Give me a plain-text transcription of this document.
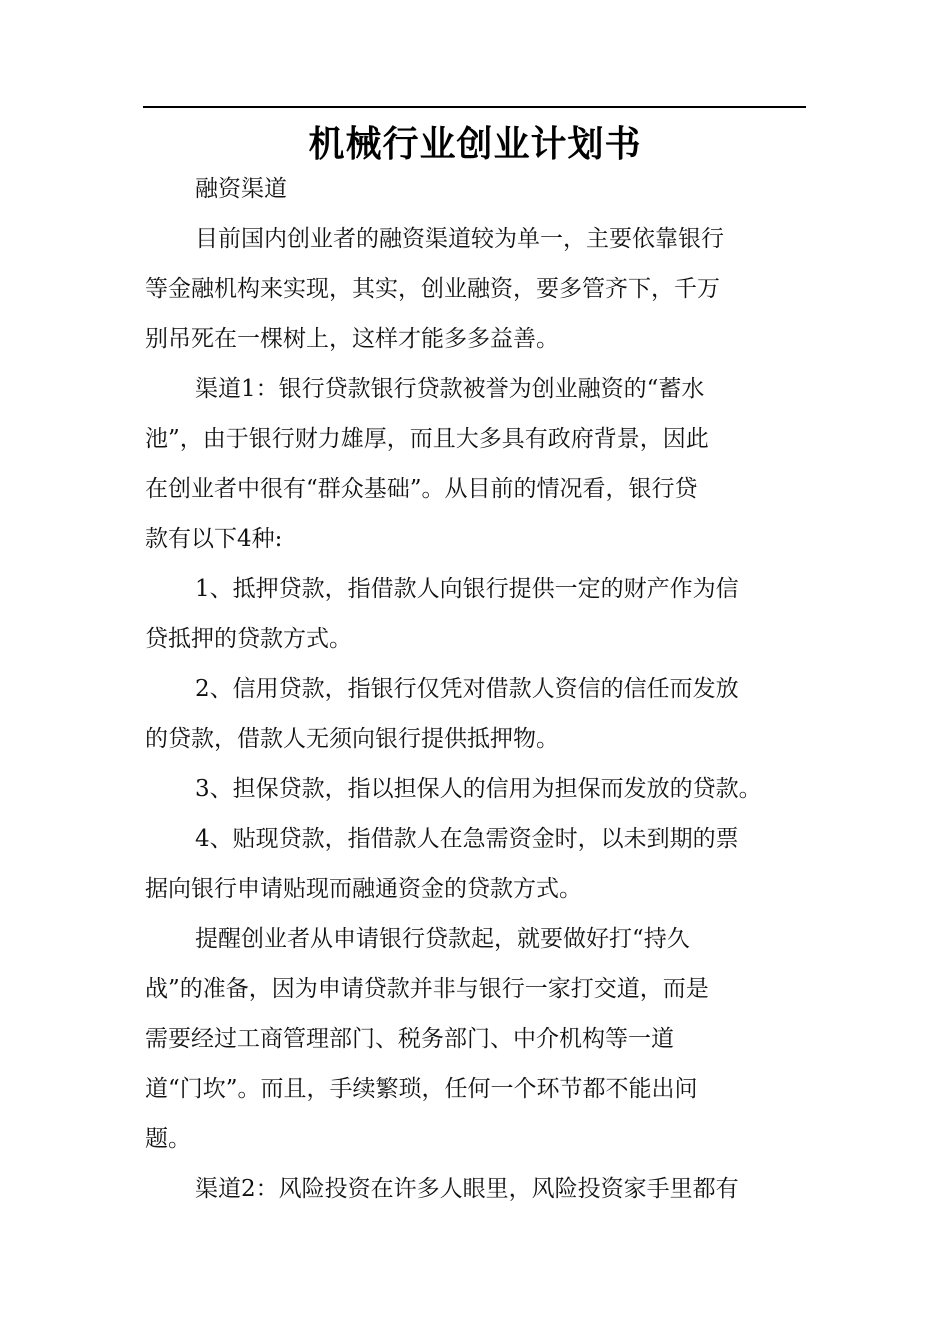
机械行业创业计划书

融资渠道

目前国内创业者的融资渠道较为单一，主要依靠银行
等金融机构来实现，其实，创业融资，要多管齐下，千万
别吊死在一棵树上，这样才能多多益善。

渠道1：银行贷款银行贷款被誉为创业融资的“蓄水
池”，由于银行财力雄厚，而且大多具有政府背景，因此
在创业者中很有“群众基础”。从目前的情况看，银行贷
款有以下4种:

1、抵押贷款，指借款人向银行提供一定的财产作为信
贷抵押的贷款方式。

2、信用贷款，指银行仅凭对借款人资信的信任而发放
的贷款，借款人无须向银行提供抵押物。

3、担保贷款，指以担保人的信用为担保而发放的贷款。

4、贴现贷款，指借款人在急需资金时，以未到期的票
据向银行申请贴现而融通资金的贷款方式。

提醒创业者从申请银行贷款起，就要做好打“持久
战”的准备，因为申请贷款并非与银行一家打交道，而是
需要经过工商管理部门、税务部门、中介机构等一道
道“门坎”。而且，手续繁琐，任何一个环节都不能出问
题。

渠道2：风险投资在许多人眼里，风险投资家手里都有
